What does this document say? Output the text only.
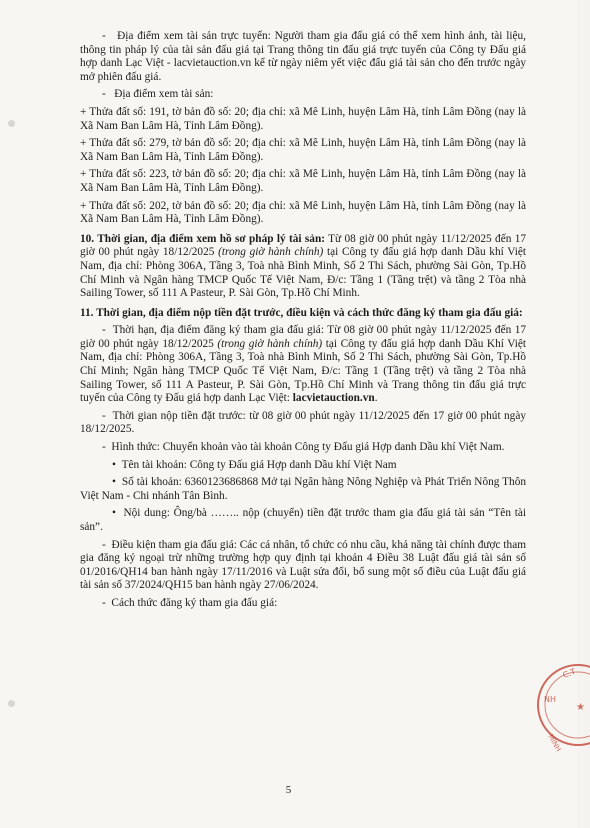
- Địa điểm xem tài sản trực tuyến: Người tham gia đấu giá có thể xem hình ảnh, tài liệu, thông tin pháp lý của tài sản đấu giá tại Trang thông tin đấu giá trực tuyến của Công ty Đấu giá hợp danh Lạc Việt - lacvietauction.vn kể từ ngày niêm yết việc đấu giá tài sản cho đến trước ngày mở phiên đấu giá.

- Địa điểm xem tài sản:

+ Thửa đất số: 191, tờ bản đồ số: 20; địa chỉ: xã Mê Linh, huyện Lâm Hà, tỉnh Lâm Đồng (nay là Xã Nam Ban Lâm Hà, Tỉnh Lâm Đồng).

+ Thửa đất số: 279, tờ bản đồ số: 20; địa chỉ: xã Mê Linh, huyện Lâm Hà, tỉnh Lâm Đồng (nay là Xã Nam Ban Lâm Hà, Tỉnh Lâm Đồng).

+ Thửa đất số: 223, tờ bản đồ số: 20; địa chỉ: xã Mê Linh, huyện Lâm Hà, tỉnh Lâm Đồng (nay là Xã Nam Ban Lâm Hà, Tỉnh Lâm Đồng).

+ Thửa đất số: 202, tờ bản đồ số: 20; địa chỉ: xã Mê Linh, huyện Lâm Hà, tỉnh Lâm Đồng (nay là Xã Nam Ban Lâm Hà, Tỉnh Lâm Đồng).

10. Thời gian, địa điểm xem hồ sơ pháp lý tài sản: Từ 08 giờ 00 phút ngày 11/12/2025 đến 17 giờ 00 phút ngày 18/12/2025 (trong giờ hành chính) tại Công ty đấu giá hợp danh Dầu khí Việt Nam, địa chỉ: Phòng 306A, Tầng 3, Toà nhà Bình Minh, Số 2 Thi Sách, phường Sài Gòn, Tp.Hồ Chí Minh và Ngân hàng TMCP Quốc Tế Việt Nam, Đ/c: Tầng 1 (Tầng trệt) và tầng 2 Tòa nhà Sailing Tower, số 111 A Pasteur, P. Sài Gòn, Tp.Hồ Chí Minh.

11. Thời gian, địa điểm nộp tiền đặt trước, điều kiện và cách thức đăng ký tham gia đấu giá:

- Thời hạn, địa điểm đăng ký tham gia đấu giá: Từ 08 giờ 00 phút ngày 11/12/2025 đến 17 giờ 00 phút ngày 18/12/2025 (trong giờ hành chính) tại Công ty đấu giá hợp danh Dầu Khí Việt Nam, địa chỉ: Phòng 306A, Tầng 3, Toà nhà Bình Minh, Số 2 Thi Sách, phường Sài Gòn, Tp.Hồ Chí Minh; Ngân hàng TMCP Quốc Tế Việt Nam, Đ/c: Tầng 1 (Tầng trệt) và tầng 2 Tòa nhà Sailing Tower, số 111 A Pasteur, P. Sài Gòn, Tp.Hồ Chí Minh và Trang thông tin đấu giá trực tuyến của Công ty Đấu giá hợp danh Lạc Việt: lacvietauction.vn.

- Thời gian nộp tiền đặt trước: từ 08 giờ 00 phút ngày 11/12/2025 đến 17 giờ 00 phút ngày 18/12/2025.

- Hình thức: Chuyển khoản vào tài khoản Công ty Đấu giá Hợp danh Dầu khí Việt Nam.

• Tên tài khoản: Công ty Đấu giá Hợp danh Dầu khí Việt Nam

• Số tài khoản: 6360123686868 Mở tại Ngân hàng Nông Nghiệp và Phát Triển Nông Thôn Việt Nam - Chi nhánh Tân Bình.

• Nội dung: Ông/bà …….. nộp (chuyển) tiền đặt trước tham gia đấu giá tài sản “Tên tài sản”.

- Điều kiện tham gia đấu giá: Các cá nhân, tổ chức có nhu cầu, khả năng tài chính được tham gia đăng ký ngoại trừ những trường hợp quy định tại khoản 4 Điều 38 Luật đấu giá tài sản số 01/2016/QH14 ban hành ngày 17/11/2016 và Luật sửa đổi, bổ sung một số điều của Luật đấu giá tài sản số 37/2024/QH15 ban hành ngày 27/06/2024.

- Cách thức đăng ký tham gia đấu giá:

5
C.T
NH
MINH
★
